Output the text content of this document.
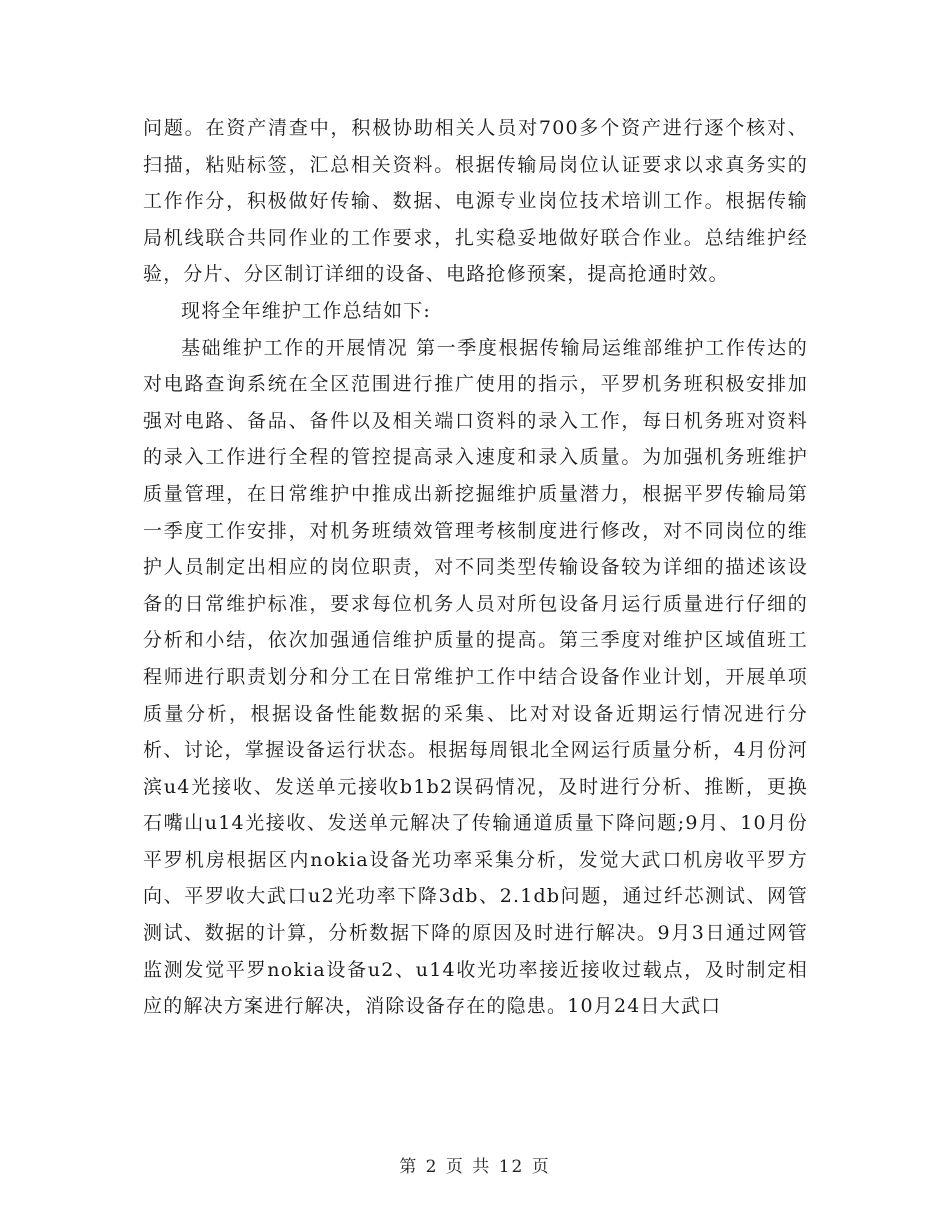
问题。在资产清查中，积极协助相关人员对700多个资产进行逐个核对、扫描，粘贴标签，汇总相关资料。根据传输局岗位认证要求以求真务实的工作作分，积极做好传输、数据、电源专业岗位技术培训工作。根据传输局机线联合共同作业的工作要求，扎实稳妥地做好联合作业。总结维护经验，分片、分区制订详细的设备、电路抢修预案，提高抢通时效。

现将全年维护工作总结如下:

基础维护工作的开展情况 第一季度根据传输局运维部维护工作传达的对电路查询系统在全区范围进行推广使用的指示，平罗机务班积极安排加强对电路、备品、备件以及相关端口资料的录入工作，每日机务班对资料的录入工作进行全程的管控提高录入速度和录入质量。为加强机务班维护质量管理，在日常维护中推成出新挖掘维护质量潜力，根据平罗传输局第一季度工作安排，对机务班绩效管理考核制度进行修改，对不同岗位的维护人员制定出相应的岗位职责，对不同类型传输设备较为详细的描述该设备的日常维护标准，要求每位机务人员对所包设备月运行质量进行仔细的分析和小结，依次加强通信维护质量的提高。第三季度对维护区域值班工程师进行职责划分和分工在日常维护工作中结合设备作业计划，开展单项质量分析，根据设备性能数据的采集、比对对设备近期运行情况进行分析、讨论，掌握设备运行状态。根据每周银北全网运行质量分析，4月份河滨u4光接收、发送单元接收b1b2误码情况，及时进行分析、推断，更换石嘴山u14光接收、发送单元解决了传输通道质量下降问题;9月、10月份平罗机房根据区内nokia设备光功率采集分析，发觉大武口机房收平罗方向、平罗收大武口u2光功率下降3db、2.1db问题，通过纤芯测试、网管测试、数据的计算，分析数据下降的原因及时进行解决。9月3日通过网管监测发觉平罗nokia设备u2、u14收光功率接近接收过载点，及时制定相应的解决方案进行解决，消除设备存在的隐患。10月24日大武口

第 2 页 共 12 页
